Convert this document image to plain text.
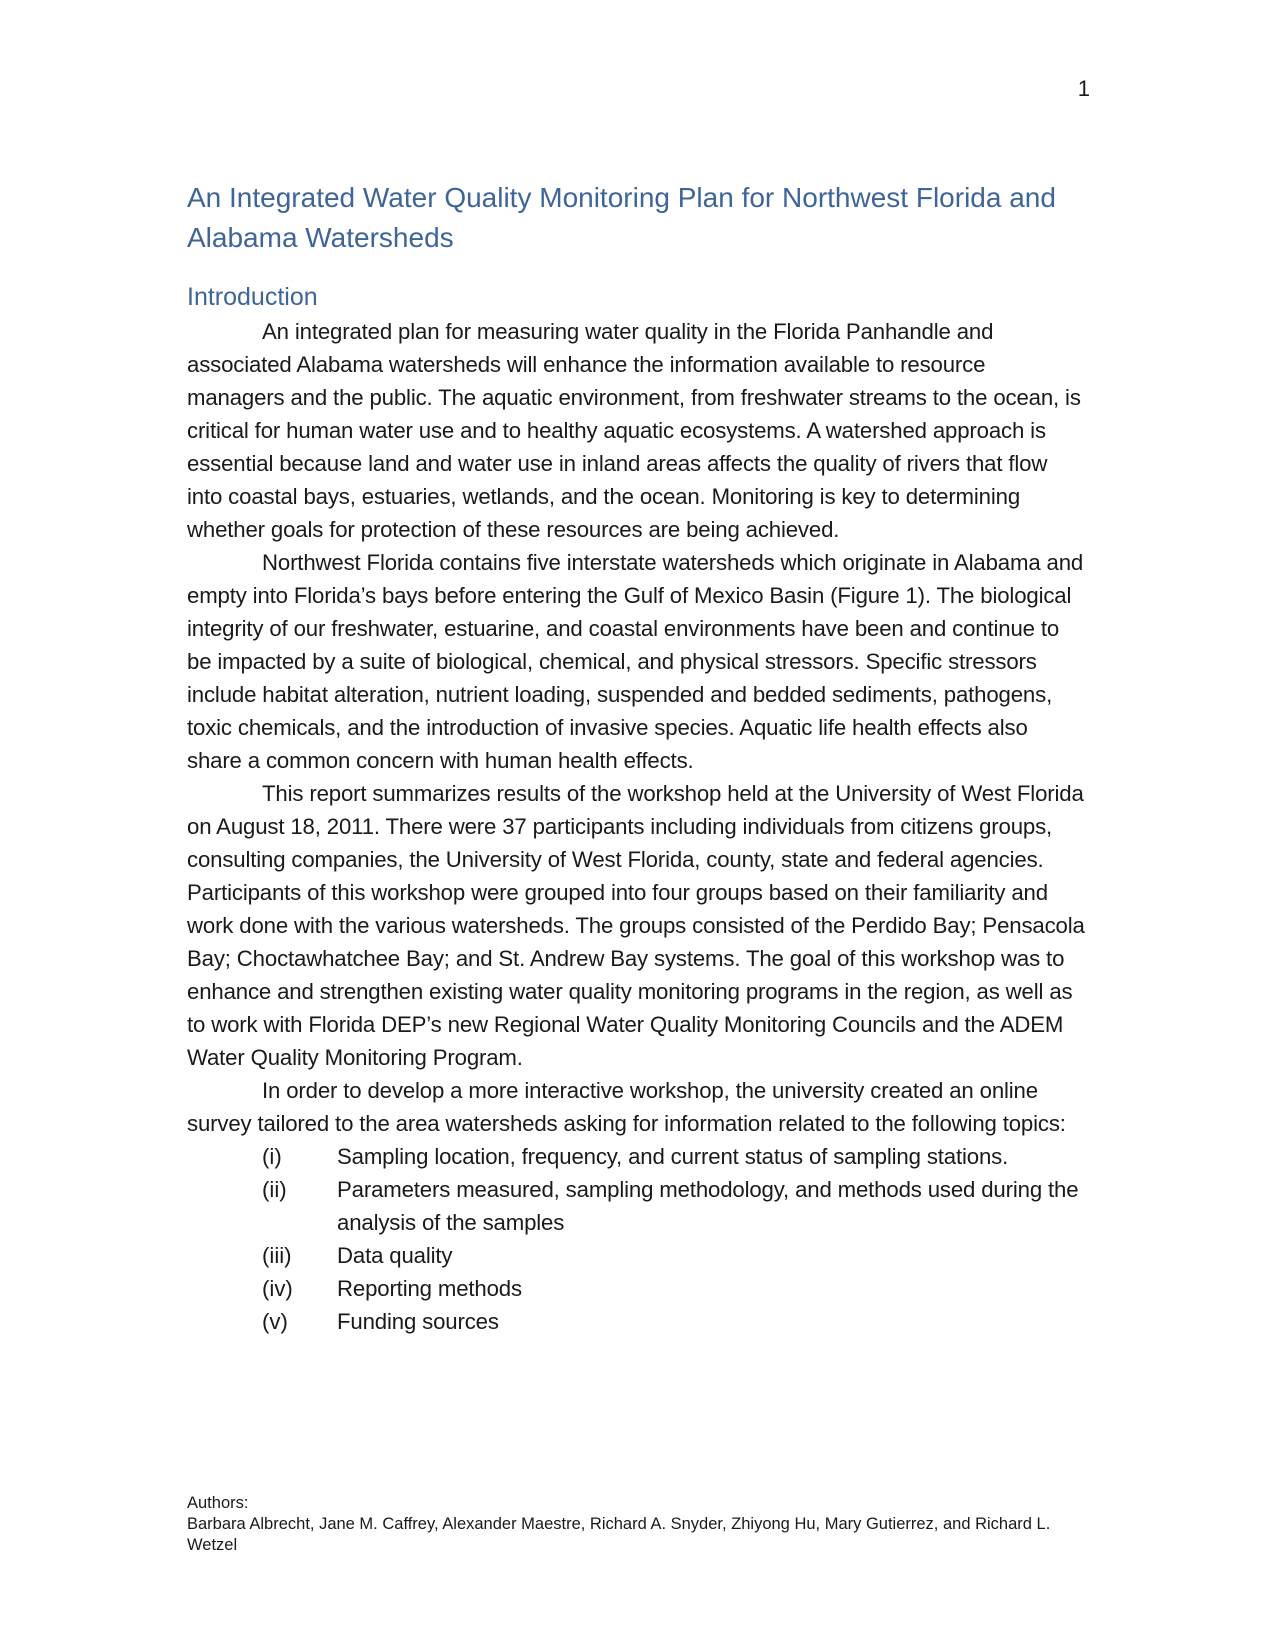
1
An Integrated Water Quality Monitoring Plan for Northwest Florida and Alabama Watersheds
Introduction

An integrated plan for measuring water quality in the Florida Panhandle and associated Alabama watersheds will enhance the information available to resource managers and the public. The aquatic environment, from freshwater streams to the ocean, is critical for human water use and to healthy aquatic ecosystems. A watershed approach is essential because land and water use in inland areas affects the quality of rivers that flow into coastal bays, estuaries, wetlands, and the ocean. Monitoring is key to determining whether goals for protection of these resources are being achieved.

Northwest Florida contains five interstate watersheds which originate in Alabama and empty into Florida’s bays before entering the Gulf of Mexico Basin (Figure 1). The biological integrity of our freshwater, estuarine, and coastal environments have been and continue to be impacted by a suite of biological, chemical, and physical stressors. Specific stressors include habitat alteration, nutrient loading, suspended and bedded sediments, pathogens, toxic chemicals, and the introduction of invasive species. Aquatic life health effects also share a common concern with human health effects.

This report summarizes results of the workshop held at the University of West Florida on August 18, 2011. There were 37 participants including individuals from citizens groups, consulting companies, the University of West Florida, county, state and federal agencies. Participants of this workshop were grouped into four groups based on their familiarity and work done with the various watersheds. The groups consisted of the Perdido Bay; Pensacola Bay; Choctawhatchee Bay; and St. Andrew Bay systems. The goal of this workshop was to enhance and strengthen existing water quality monitoring programs in the region, as well as to work with Florida DEP’s new Regional Water Quality Monitoring Councils and the ADEM Water Quality Monitoring Program.

In order to develop a more interactive workshop, the university created an online survey tailored to the area watersheds asking for information related to the following topics:

(i)	Sampling location, frequency, and current status of sampling stations.
(ii)	Parameters measured, sampling methodology, and methods used during the analysis of the samples
(iii)	Data quality
(iv)	Reporting methods
(v)	Funding sources
Authors:
Barbara Albrecht, Jane M. Caffrey, Alexander Maestre, Richard A. Snyder, Zhiyong Hu, Mary Gutierrez, and Richard L. Wetzel
